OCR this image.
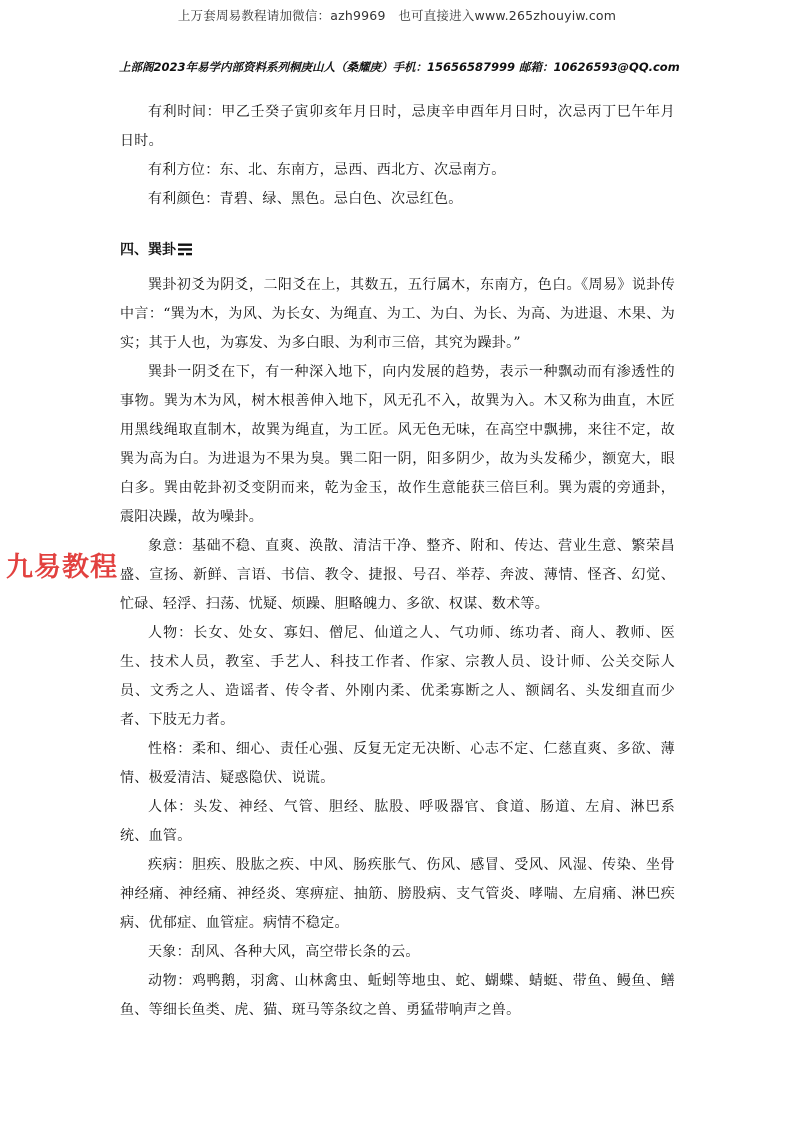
上万套周易教程请加微信：azh9969　也可直接进入www.265zhouyiw.com
上部阁2023年易学内部资料系列 桐庚山人（桑耀庚）手机：15656587999 邮箱：10626593@QQ.com

有利时间：甲乙壬癸子寅卯亥年月日时，忌庚辛申酉年月日时，次忌丙丁巳午年月日时。

有利方位：东、北、东南方，忌西、西北方、次忌南方。

有利颜色：青碧、绿、黑色。忌白色、次忌红色。

四、巽卦

巽卦初爻为阴爻，二阳爻在上，其数五，五行属木，东南方，色白。《周易》说卦传中言：“巽为木，为风、为长女、为绳直、为工、为白、为长、为高、为进退、木果、为实；其于人也，为寡发、为多白眼、为利市三倍，其究为躁卦。”

巽卦一阴爻在下，有一种深入地下，向内发展的趋势，表示一种飘动而有渗透性的事物。巽为木为风，树木根善伸入地下，风无孔不入，故巽为入。木又称为曲直，木匠用黑线绳取直制木，故巽为绳直，为工匠。风无色无味，在高空中飘拂，来往不定，故巽为高为白。为进退为不果为臭。巽二阳一阴，阳多阴少，故为头发稀少，额宽大，眼白多。巽由乾卦初爻变阴而来，乾为金玉，故作生意能获三倍巨利。巽为震的旁通卦，震阳决躁，故为噪卦。

象意：基础不稳、直爽、涣散、清洁干净、整齐、附和、传达、营业生意、繁荣昌盛、宣扬、新鲜、言语、书信、教令、捷报、号召、举荐、奔波、薄情、怪吝、幻觉、忙碌、轻浮、扫荡、忧疑、烦躁、胆略魄力、多欲、权谋、数术等。

人物：长女、处女、寡妇、僧尼、仙道之人、气功师、练功者、商人、教师、医生、技术人员，教室、手艺人、科技工作者、作家、宗教人员、设计师、公关交际人员、文秀之人、造谣者、传令者、外刚内柔、优柔寡断之人、额阔名、头发细直而少者、下肢无力者。

性格：柔和、细心、责任心强、反复无定无决断、心志不定、仁慈直爽、多欲、薄情、极爱清洁、疑惑隐伏、说谎。

人体：头发、神经、气管、胆经、肱股、呼吸器官、食道、肠道、左肩、淋巴系统、血管。

疾病：胆疾、股肱之疾、中风、肠疾胀气、伤风、感冒、受风、风湿、传染、坐骨神经痛、神经痛、神经炎、寒痹症、抽筋、膀股病、支气管炎、哮喘、左肩痛、淋巴疾病、优郁症、血管症。病情不稳定。

天象：刮风、各种大风，高空带长条的云。

动物：鸡鸭鹅，羽禽、山林禽虫、蚯蚓等地虫、蛇、蝴蝶、蜻蜓、带鱼、鳗鱼、鳝鱼、等细长鱼类、虎、猫、斑马等条纹之兽、勇猛带响声之兽。

九易教程
